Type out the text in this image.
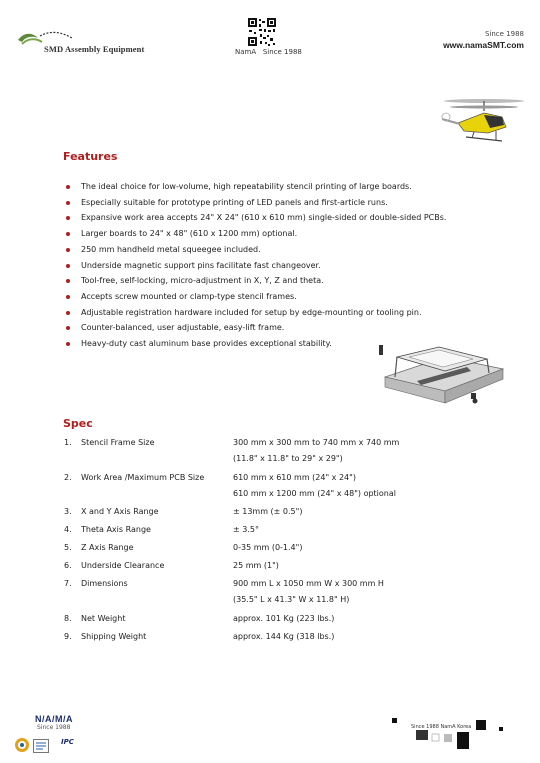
SMD Assembly Equipment	NamA Since 1988
Since 1988
www.namaSMT.com
Features
The ideal choice for low-volume, high repeatability stencil printing of large boards.
Especially suitable for prototype printing of LED panels and first-article runs.
Expansive work area accepts 24" X 24" (610 x 610 mm) single-sided or double-sided PCBs.
Larger boards to 24" x 48" (610 x 1200 mm) optional.
250 mm handheld metal squeegee included.
Underside magnetic support pins facilitate fast changeover.
Tool-free, self-locking, micro-adjustment in X, Y, Z and theta.
Accepts screw mounted or clamp-type stencil frames.
Adjustable registration hardware included for setup by edge-mounting or tooling pin.
Counter-balanced, user adjustable, easy-lift frame.
Heavy-duty cast aluminum base provides exceptional stability.
Spec
1.	Stencil Frame Size	300 mm x 300 mm to 740 mm x 740 mm
(11.8" x 11.8" to 29" x 29")
2.	Work Area /Maximum PCB Size	610 mm x 610 mm (24" x 24")
610 mm x 1200 mm (24" x 48") optional
3.	X and Y Axis Range	± 13mm (± 0.5")
4.	Theta Axis Range	± 3.5°
5.	Z Axis Range	0-35 mm (0-1.4")
6.	Underside Clearance	25 mm (1")
7.	Dimensions	900 mm L x 1050 mm W x 300 mm H
(35.5" L x 41.3" W x 11.8" H)
8.	Net Weight	approx. 101 Kg (223 lbs.)
9.	Shipping Weight	approx. 144 Kg (318 lbs.)
N/A/M/A
Since 1988
IPC
Since 1988 NamA Korea
